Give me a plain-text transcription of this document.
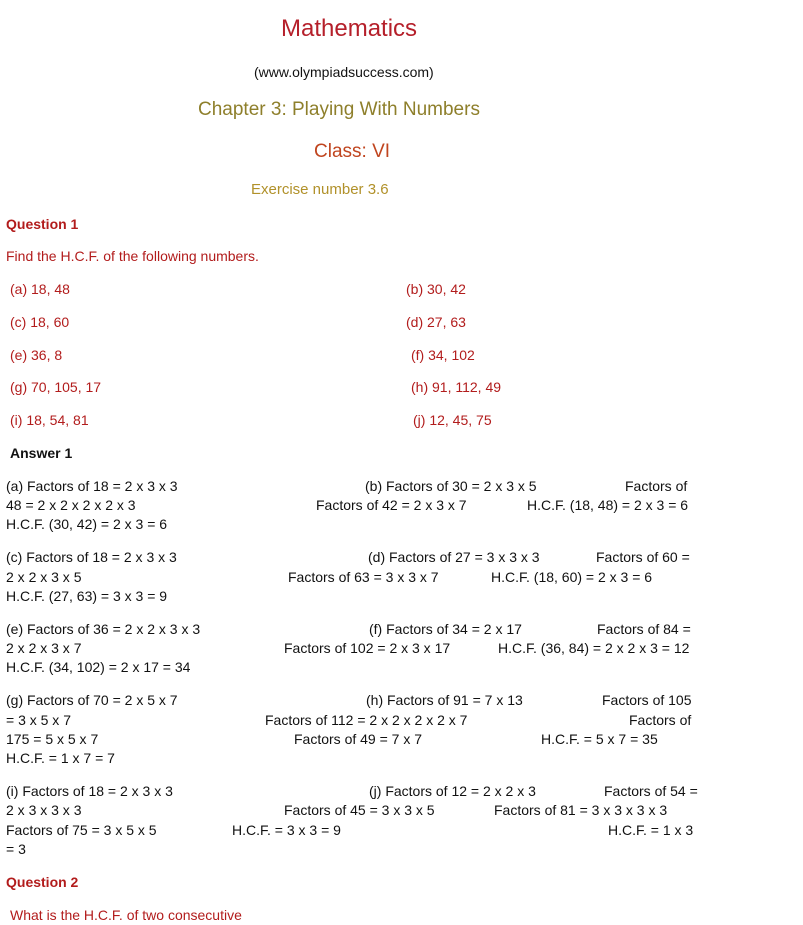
Mathematics
(www.olympiadsuccess.com)
Chapter 3: Playing With Numbers
Class: VI
Exercise number 3.6
Question 1
Find the H.C.F. of the following numbers.
(a) 18, 48	(b) 30, 42
(c) 18, 60	(d) 27, 63
(e) 36, 8	(f) 34, 102
(g) 70, 105, 17	(h) 91, 112, 49
(i) 18, 54, 81	(j) 12, 45, 75
Answer 1
(a) Factors of 18 = 2 x 3 x 3	(b) Factors of 30 = 2 x 3 x 5	Factors of
48 = 2 x 2 x 2 x 2 x 3	Factors of 42 = 2 x 3 x 7	H.C.F. (18, 48) = 2 x 3 = 6
H.C.F. (30, 42) = 2 x 3 = 6
(c) Factors of 18 = 2 x 3 x 3	(d) Factors of 27 = 3 x 3 x 3	Factors of 60 =
2 x 2 x 3 x 5	Factors of 63 = 3 x 3 x 7	H.C.F. (18, 60) = 2 x 3 = 6
H.C.F. (27, 63) = 3 x 3 = 9
(e) Factors of 36 = 2 x 2 x 3 x 3	(f) Factors of 34 = 2 x 17	Factors of 84 =
2 x 2 x 3 x 7	Factors of 102 = 2 x 3 x 17	H.C.F. (36, 84) = 2 x 2 x 3 = 12
H.C.F. (34, 102) = 2 x 17 = 34
(g) Factors of 70 = 2 x 5 x 7	(h) Factors of 91 = 7 x 13	Factors of 105
= 3 x 5 x 7	Factors of 112 = 2 x 2 x 2 x 2 x 7	Factors of
175 = 5 x 5 x 7	Factors of 49 = 7 x 7	H.C.F. = 5 x 7 = 35
H.C.F. = 1 x 7 = 7
(i) Factors of 18 = 2 x 3 x 3	(j) Factors of 12 = 2 x 2 x 3	Factors of 54 =
2 x 3 x 3 x 3	Factors of 45 = 3 x 3 x 5	Factors of 81 = 3 x 3 x 3 x 3
Factors of 75 = 3 x 5 x 5	H.C.F. = 3 x 3 = 9	H.C.F. = 1 x 3
= 3
Question 2
What is the H.C.F. of two consecutive
